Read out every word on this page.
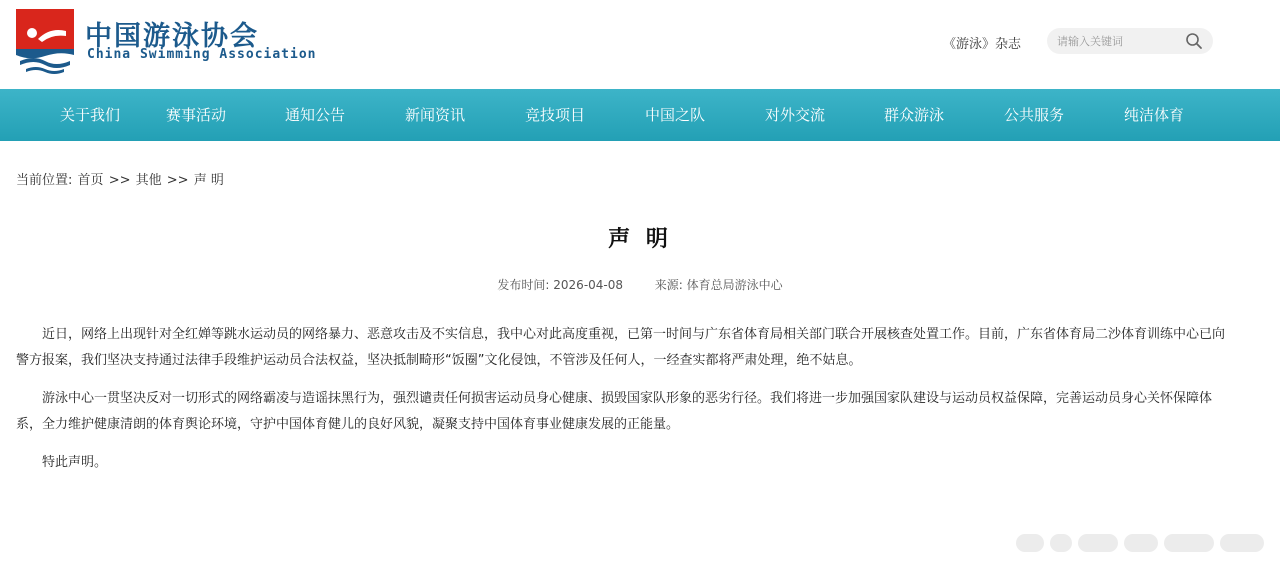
中国游泳协会
China Swimming Association
《游泳》杂志
请输入关键词
关于我们	赛事活动	通知公告	新闻资讯	竞技项目	中国之队	对外交流	群众游泳	公共服务	纯洁体育
当前位置: 首页 >> 其他 >> 声 明
声 明
发布时间: 2026-04-08	来源: 体育总局游泳中心

近日，网络上出现针对全红婵等跳水运动员的网络暴力、恶意攻击及不实信息，我中心对此高度重视，已第一时间与广东省体育局相关部门联合开展核查处置工作。目前，广东省体育局二沙体育训练中心已向警方报案，我们坚决支持通过法律手段维护运动员合法权益，坚决抵制畸形“饭圈”文化侵蚀，不管涉及任何人，一经查实都将严肃处理，绝不姑息。

游泳中心一贯坚决反对一切形式的网络霸凌与造谣抹黑行为，强烈谴责任何损害运动员身心健康、损毁国家队形象的恶劣行径。我们将进一步加强国家队建设与运动员权益保障，完善运动员身心关怀保障体系，全力维护健康清朗的体育舆论环境，守护中国体育健儿的良好风貌，凝聚支持中国体育事业健康发展的正能量。

特此声明。
